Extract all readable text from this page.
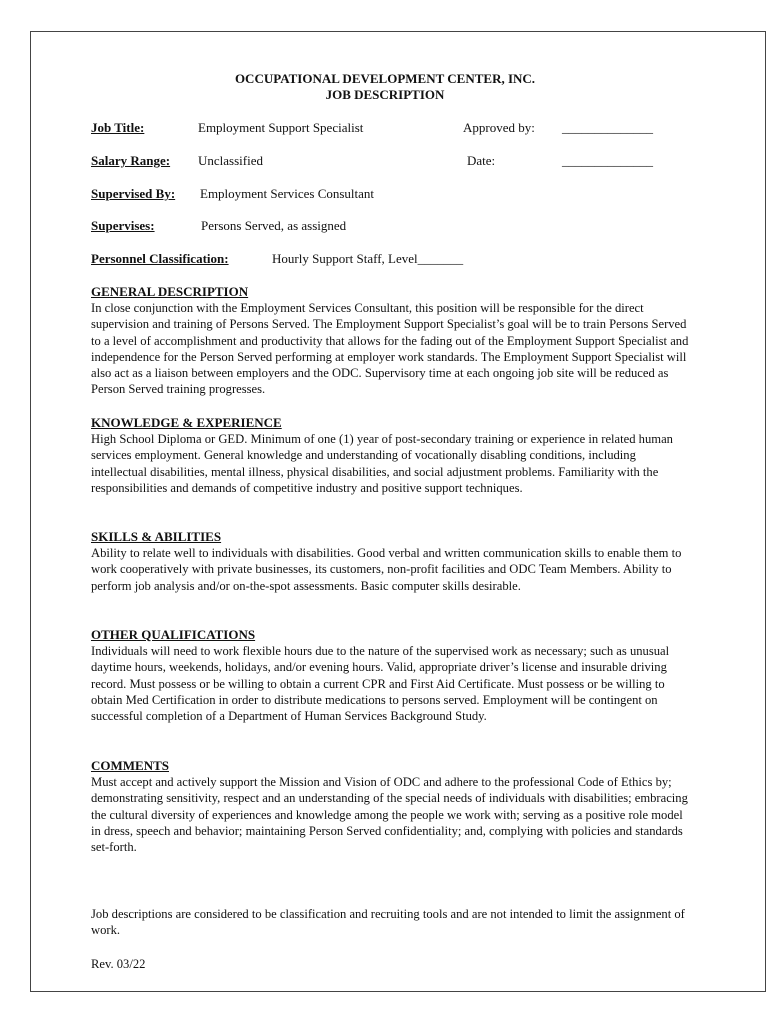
OCCUPATIONAL DEVELOPMENT CENTER, INC.
JOB DESCRIPTION
Job Title:	Employment Support Specialist	Approved by: ______________
Salary Range: Unclassified	Date:	______________
Supervised By: Employment Services Consultant
Supervises:	Persons Served, as assigned
Personnel Classification:	Hourly Support Staff, Level_______
GENERAL DESCRIPTION

In close conjunction with the Employment Services Consultant, this position will be responsible for the direct supervision and training of Persons Served. The Employment Support Specialist’s goal will be to train Persons Served to a level of accomplishment and productivity that allows for the fading out of the Employment Support Specialist and independence for the Person Served performing at employer work standards. The Employment Support Specialist will also act as a liaison between employers and the ODC. Supervisory time at each ongoing job site will be reduced as Person Served training progresses.

KNOWLEDGE & EXPERIENCE

High School Diploma or GED. Minimum of one (1) year of post-secondary training or experience in related human services employment. General knowledge and understanding of vocationally disabling conditions, including intellectual disabilities, mental illness, physical disabilities, and social adjustment problems. Familiarity with the responsibilities and demands of competitive industry and positive support techniques.

SKILLS & ABILITIES

Ability to relate well to individuals with disabilities. Good verbal and written communication skills to enable them to work cooperatively with private businesses, its customers, non-profit facilities and ODC Team Members. Ability to perform job analysis and/or on-the-spot assessments. Basic computer skills desirable.

OTHER QUALIFICATIONS

Individuals will need to work flexible hours due to the nature of the supervised work as necessary; such as unusual daytime hours, weekends, holidays, and/or evening hours. Valid, appropriate driver’s license and insurable driving record. Must possess or be willing to obtain a current CPR and First Aid Certificate. Must possess or be willing to obtain Med Certification in order to distribute medications to persons served. Employment will be contingent on successful completion of a Department of Human Services Background Study.

COMMENTS

Must accept and actively support the Mission and Vision of ODC and adhere to the professional Code of Ethics by; demonstrating sensitivity, respect and an understanding of the special needs of individuals with disabilities; embracing the cultural diversity of experiences and knowledge among the people we work with; serving as a positive role model in dress, speech and behavior; maintaining Person Served confidentiality; and, complying with policies and standards set-forth.

Job descriptions are considered to be classification and recruiting tools and are not intended to limit the assignment of work.

Rev. 03/22
